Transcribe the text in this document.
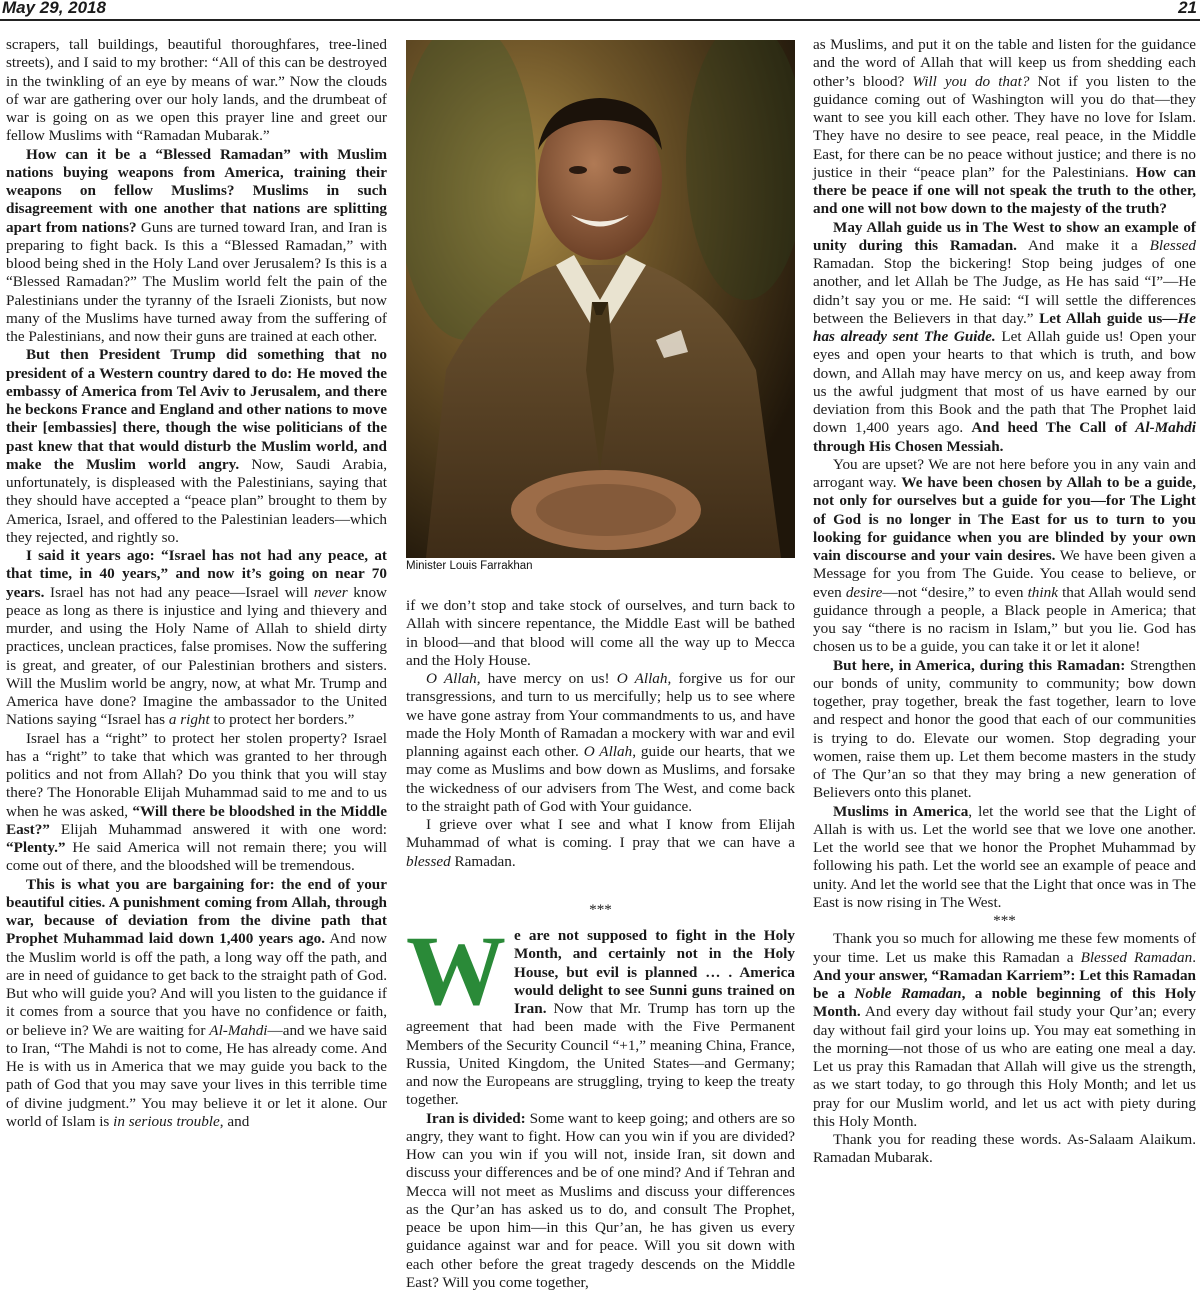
May 29, 2018	21

scrapers, tall buildings, beautiful thoroughfares, tree-lined streets), and I said to my brother: “All of this can be destroyed in the twinkling of an eye by means of war.” Now the clouds of war are gathering over our holy lands, and the drumbeat of war is going on as we open this prayer line and greet our fellow Muslims with “Ramadan Mubarak.”

How can it be a “Blessed Ramadan” with Muslim nations buying weapons from America, training their weapons on fellow Muslims? Muslims in such disagreement with one another that nations are splitting apart from nations? Guns are turned toward Iran, and Iran is preparing to fight back. Is this a “Blessed Ramadan,” with blood being shed in the Holy Land over Jerusalem? Is this is a “Blessed Ramadan?” The Muslim world felt the pain of the Palestinians under the tyranny of the Israeli Zionists, but now many of the Muslims have turned away from the suffering of the Palestinians, and now their guns are trained at each other.

But then President Trump did something that no president of a Western country dared to do: He moved the embassy of America from Tel Aviv to Jerusalem, and there he beckons France and England and other nations to move their [embassies] there, though the wise politicians of the past knew that that would disturb the Muslim world, and make the Muslim world angry. Now, Saudi Arabia, unfortunately, is displeased with the Palestinians, saying that they should have accepted a “peace plan” brought to them by America, Israel, and offered to the Palestinian leaders—which they rejected, and rightly so.

I said it years ago: “Israel has not had any peace, at that time, in 40 years,” and now it’s going on near 70 years. Israel has not had any peace—Israel will never know peace as long as there is injustice and lying and thievery and murder, and using the Holy Name of Allah to shield dirty practices, unclean practices, false promises. Now the suffering is great, and greater, of our Palestinian brothers and sisters. Will the Muslim world be angry, now, at what Mr. Trump and America have done? Imagine the ambassador to the United Nations saying “Israel has a right to protect her borders.”

Israel has a “right” to protect her stolen property? Israel has a “right” to take that which was granted to her through politics and not from Allah? Do you think that you will stay there? The Honorable Elijah Muhammad said to me and to us when he was asked, “Will there be bloodshed in the Middle East?” Elijah Muhammad answered it with one word: “Plenty.” He said America will not remain there; you will come out of there, and the bloodshed will be tremendous.

This is what you are bargaining for: the end of your beautiful cities. A punishment coming from Allah, through war, because of deviation from the divine path that Prophet Muhammad laid down 1,400 years ago. And now the Muslim world is off the path, a long way off the path, and are in need of guidance to get back to the straight path of God. But who will guide you? And will you listen to the guidance if it comes from a source that you have no confidence or faith, or believe in? We are waiting for Al-Mahdi—and we have said to Iran, “The Mahdi is not to come, He has already come. And He is with us in America that we may guide you back to the path of God that you may save your lives in this terrible time of divine judgment.” You may believe it or let it alone. Our world of Islam is in serious trouble, and

Minister Louis Farrakhan

if we don’t stop and take stock of ourselves, and turn back to Allah with sincere repentance, the Middle East will be bathed in blood—and that blood will come all the way up to Mecca and the Holy House.

O Allah, have mercy on us! O Allah, forgive us for our transgressions, and turn to us mercifully; help us to see where we have gone astray from Your commandments to us, and have made the Holy Month of Ramadan a mockery with war and evil planning against each other. O Allah, guide our hearts, that we may come as Muslims and bow down as Muslims, and forsake the wickedness of our advisers from The West, and come back to the straight path of God with Your guidance.

I grieve over what I see and what I know from Elijah Muhammad of what is coming. I pray that we can have a blessed Ramadan.

***

We are not supposed to fight in the Holy Month, and certainly not in the Holy House, but evil is planned … . America would delight to see Sunni guns trained on Iran. Now that Mr. Trump has torn up the agreement that had been made with the Five Permanent Members of the Security Council “+1,” meaning China, France, Russia, United Kingdom, the United States—and Germany; and now the Europeans are struggling, trying to keep the treaty together.

Iran is divided: Some want to keep going; and others are so angry, they want to fight. How can you win if you are divided? How can you win if you will not, inside Iran, sit down and discuss your differences and be of one mind? And if Tehran and Mecca will not meet as Muslims and discuss your differences as the Qur’an has asked us to do, and consult The Prophet, peace be upon him—in this Qur’an, he has given us every guidance against war and for peace. Will you sit down with each other before the great tragedy descends on the Middle East? Will you come together,

as Muslims, and put it on the table and listen for the guidance and the word of Allah that will keep us from shedding each other’s blood? Will you do that? Not if you listen to the guidance coming out of Washington will you do that—they want to see you kill each other. They have no love for Islam. They have no desire to see peace, real peace, in the Middle East, for there can be no peace without justice; and there is no justice in their “peace plan” for the Palestinians. How can there be peace if one will not speak the truth to the other, and one will not bow down to the majesty of the truth?

May Allah guide us in The West to show an example of unity during this Ramadan. And make it a Blessed Ramadan. Stop the bickering! Stop being judges of one another, and let Allah be The Judge, as He has said “I”—He didn’t say you or me. He said: “I will settle the differences between the Believers in that day.” Let Allah guide us—He has already sent The Guide. Let Allah guide us! Open your eyes and open your hearts to that which is truth, and bow down, and Allah may have mercy on us, and keep away from us the awful judgment that most of us have earned by our deviation from this Book and the path that The Prophet laid down 1,400 years ago. And heed The Call of Al-Mahdi through His Chosen Messiah.

You are upset? We are not here before you in any vain and arrogant way. We have been chosen by Allah to be a guide, not only for ourselves but a guide for you—for The Light of God is no longer in The East for us to turn to you looking for guidance when you are blinded by your own vain discourse and your vain desires. We have been given a Message for you from The Guide. You cease to believe, or even desire—not “desire,” to even think that Allah would send guidance through a people, a Black people in America; that you say “there is no racism in Islam,” but you lie. God has chosen us to be a guide, you can take it or let it alone!

But here, in America, during this Ramadan: Strengthen our bonds of unity, community to community; bow down together, pray together, break the fast together, learn to love and respect and honor the good that each of our communities is trying to do. Elevate our women. Stop degrading your women, raise them up. Let them become masters in the study of The Qur’an so that they may bring a new generation of Believers onto this planet.

Muslims in America, let the world see that the Light of Allah is with us. Let the world see that we love one another. Let the world see that we honor the Prophet Muhammad by following his path. Let the world see an example of peace and unity. And let the world see that the Light that once was in The East is now rising in The West.

***

Thank you so much for allowing me these few moments of your time. Let us make this Ramadan a Blessed Ramadan. And your answer, “Ramadan Karriem”: Let this Ramadan be a Noble Ramadan, a noble beginning of this Holy Month. And every day without fail study your Qur’an; every day without fail gird your loins up. You may eat something in the morning—not those of us who are eating one meal a day. Let us pray this Ramadan that Allah will give us the strength, as we start today, to go through this Holy Month; and let us pray for our Muslim world, and let us act with piety during this Holy Month.

Thank you for reading these words. As-Salaam Alaikum. Ramadan Mubarak.
